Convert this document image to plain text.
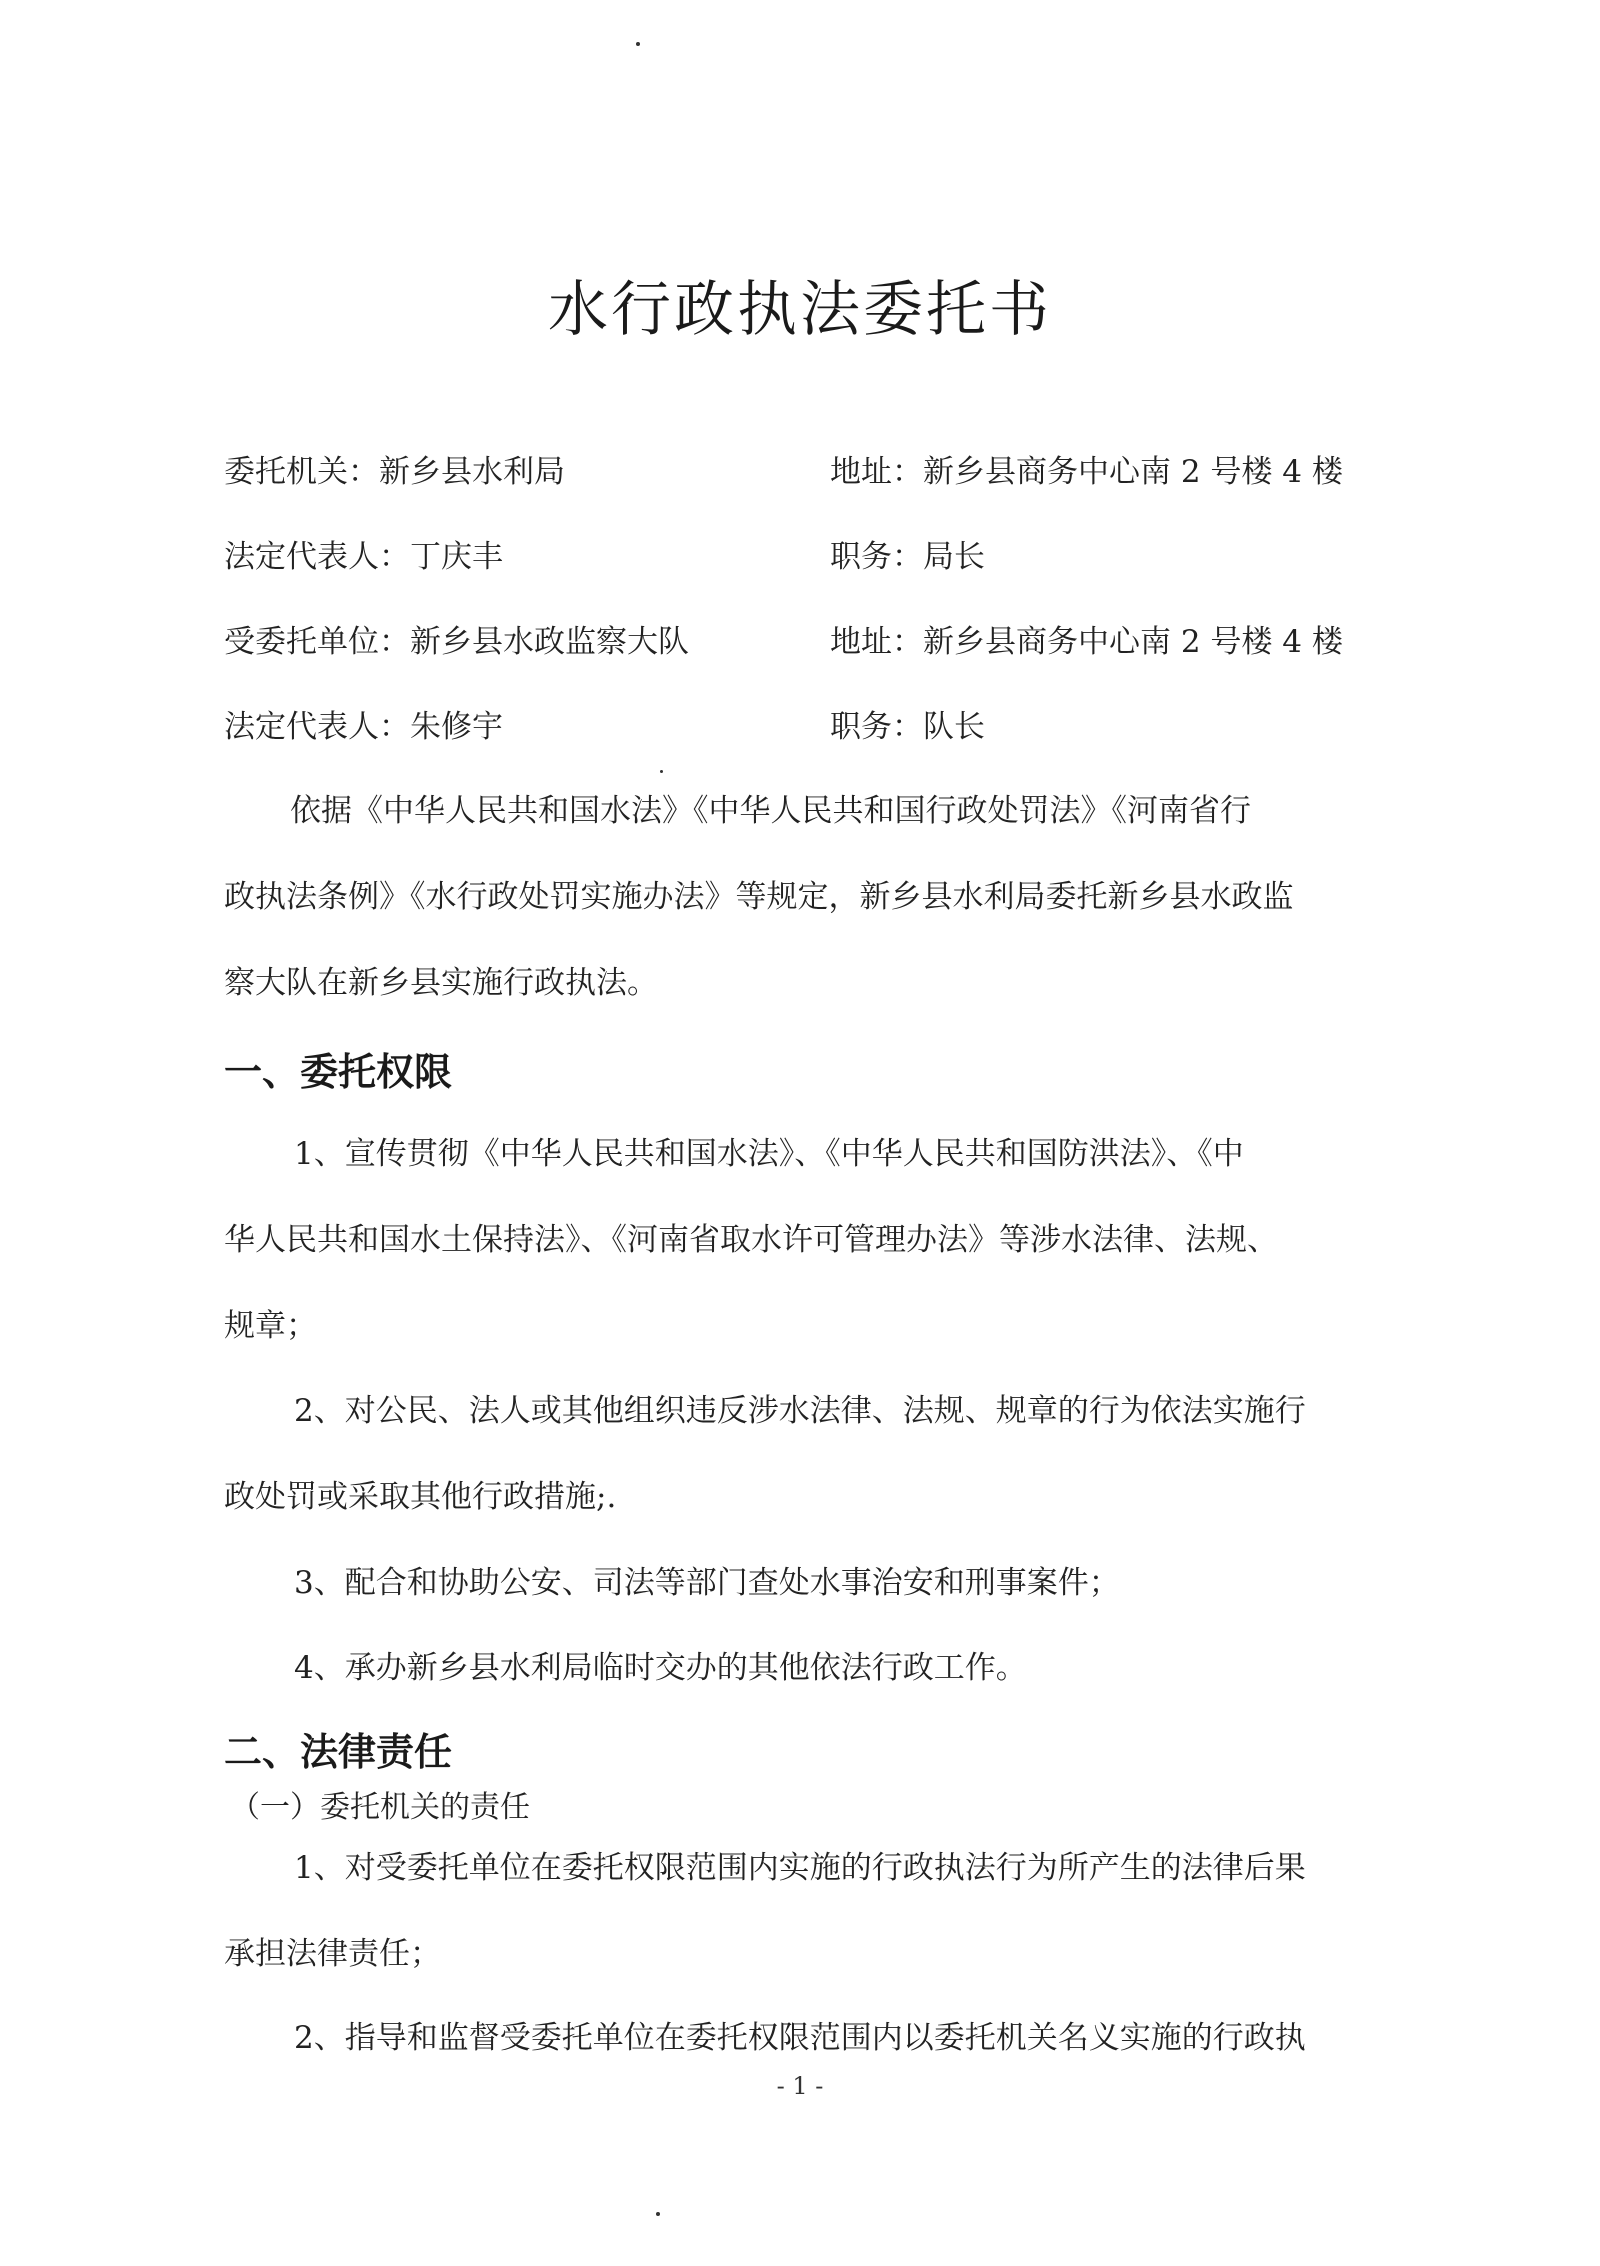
水行政执法委托书
委托机关：新乡县水利局	地址：新乡县商务中心南 2 号楼 4 楼
法定代表人：丁庆丰	职务：局长
受委托单位：新乡县水政监察大队	地址：新乡县商务中心南 2 号楼 4 楼
法定代表人：朱修宇	职务：队长
依据《中华人民共和国水法》《中华人民共和国行政处罚法》《河南省行
政执法条例》《水行政处罚实施办法》等规定，新乡县水利局委托新乡县水政监
察大队在新乡县实施行政执法。
一、委托权限
1、宣传贯彻《中华人民共和国水法》、《中华人民共和国防洪法》、《中
华人民共和国水土保持法》、《河南省取水许可管理办法》等涉水法律、法规、
规章；
2、对公民、法人或其他组织违反涉水法律、法规、规章的行为依法实施行
政处罚或采取其他行政措施;.
3、配合和协助公安、司法等部门查处水事治安和刑事案件；
4、承办新乡县水利局临时交办的其他依法行政工作。
二、法律责任
（一）委托机关的责任
1、对受委托单位在委托权限范围内实施的行政执法行为所产生的法律后果
承担法律责任；
2、指导和监督受委托单位在委托权限范围内以委托机关名义实施的行政执
- 1 -
